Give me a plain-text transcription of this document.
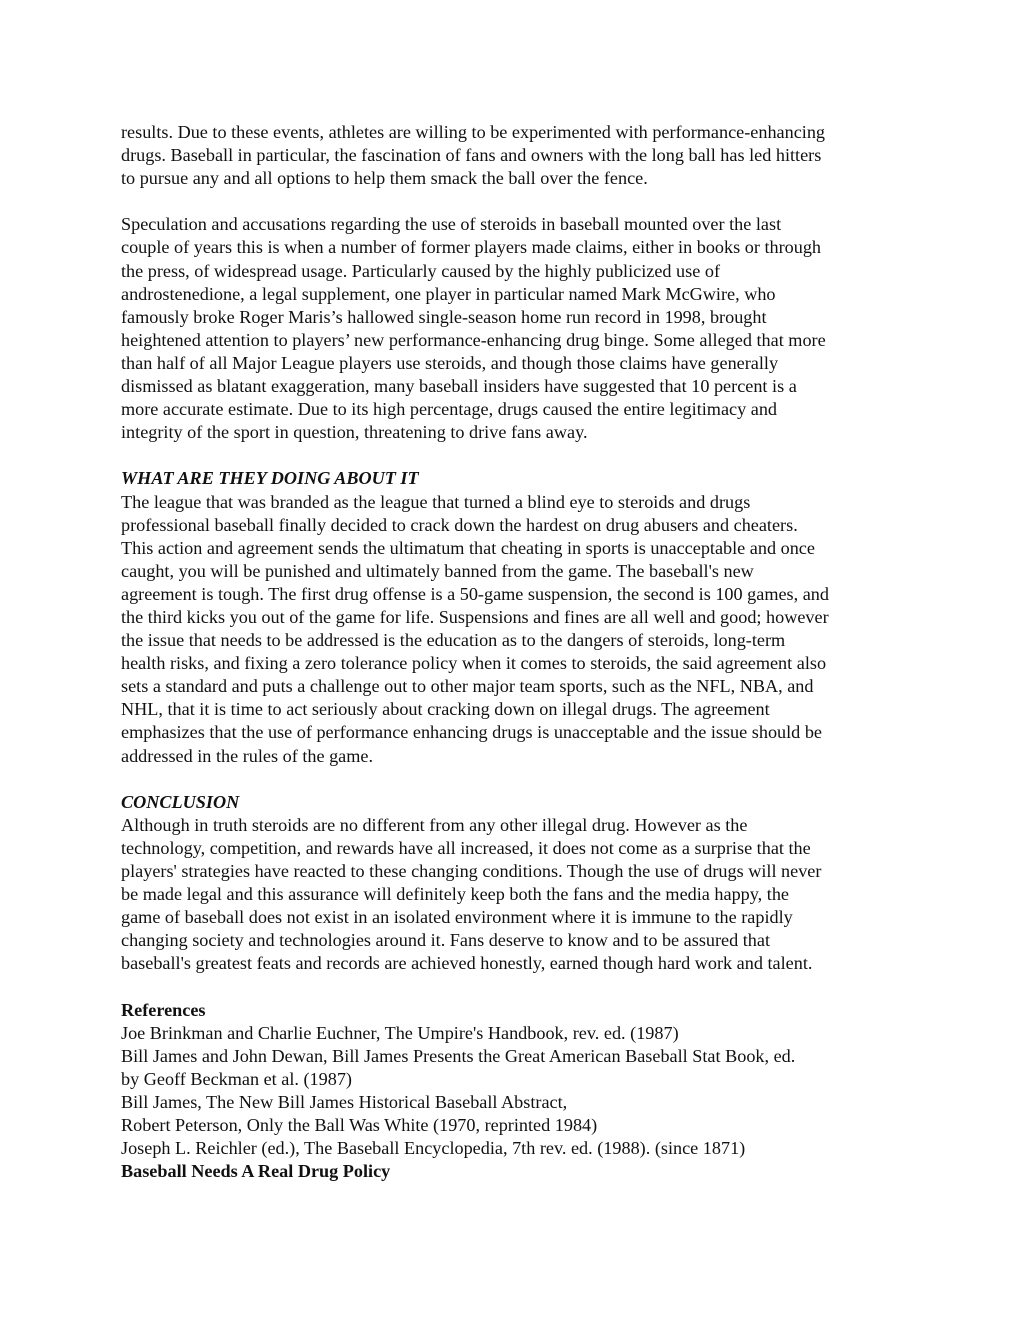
results. Due to these events, athletes are willing to be experimented with performance-enhancing
drugs. Baseball in particular, the fascination of fans and owners with the long ball has led hitters
to pursue any and all options to help them smack the ball over the fence.
Speculation and accusations regarding the use of steroids in baseball mounted over the last
couple of years this is when a number of former players made claims, either in books or through
the press, of widespread usage. Particularly caused by the highly publicized use of
androstenedione, a legal supplement, one player in particular named Mark McGwire, who
famously broke Roger Maris’s hallowed single-season home run record in 1998, brought
heightened attention to players’ new performance-enhancing drug binge. Some alleged that more
than half of all Major League players use steroids, and though those claims have generally
dismissed as blatant exaggeration, many baseball insiders have suggested that 10 percent is a
more accurate estimate. Due to its high percentage, drugs caused the entire legitimacy and
integrity of the sport in question, threatening to drive fans away.
WHAT ARE THEY DOING ABOUT IT
The league that was branded as the league that turned a blind eye to steroids and drugs
professional baseball finally decided to crack down the hardest on drug abusers and cheaters.
This action and agreement sends the ultimatum that cheating in sports is unacceptable and once
caught, you will be punished and ultimately banned from the game. The baseball's new
agreement is tough. The first drug offense is a 50-game suspension, the second is 100 games, and
the third kicks you out of the game for life. Suspensions and fines are all well and good; however
the issue that needs to be addressed is the education as to the dangers of steroids, long-term
health risks, and fixing a zero tolerance policy when it comes to steroids, the said agreement also
sets a standard and puts a challenge out to other major team sports, such as the NFL, NBA, and
NHL, that it is time to act seriously about cracking down on illegal drugs. The agreement
emphasizes that the use of performance enhancing drugs is unacceptable and the issue should be
addressed in the rules of the game.
CONCLUSION
Although in truth steroids are no different from any other illegal drug. However as the
technology, competition, and rewards have all increased, it does not come as a surprise that the
players' strategies have reacted to these changing conditions. Though the use of drugs will never
be made legal and this assurance will definitely keep both the fans and the media happy, the
game of baseball does not exist in an isolated environment where it is immune to the rapidly
changing society and technologies around it. Fans deserve to know and to be assured that
baseball's greatest feats and records are achieved honestly, earned though hard work and talent.
References
Joe Brinkman and Charlie Euchner, The Umpire's Handbook, rev. ed. (1987)
Bill James and John Dewan, Bill James Presents the Great American Baseball Stat Book, ed.
by Geoff Beckman et al. (1987)
Bill James, The New Bill James Historical Baseball Abstract,
Robert Peterson, Only the Ball Was White (1970, reprinted 1984)
Joseph L. Reichler (ed.), The Baseball Encyclopedia, 7th rev. ed. (1988). (since 1871)
Baseball Needs A Real Drug Policy
